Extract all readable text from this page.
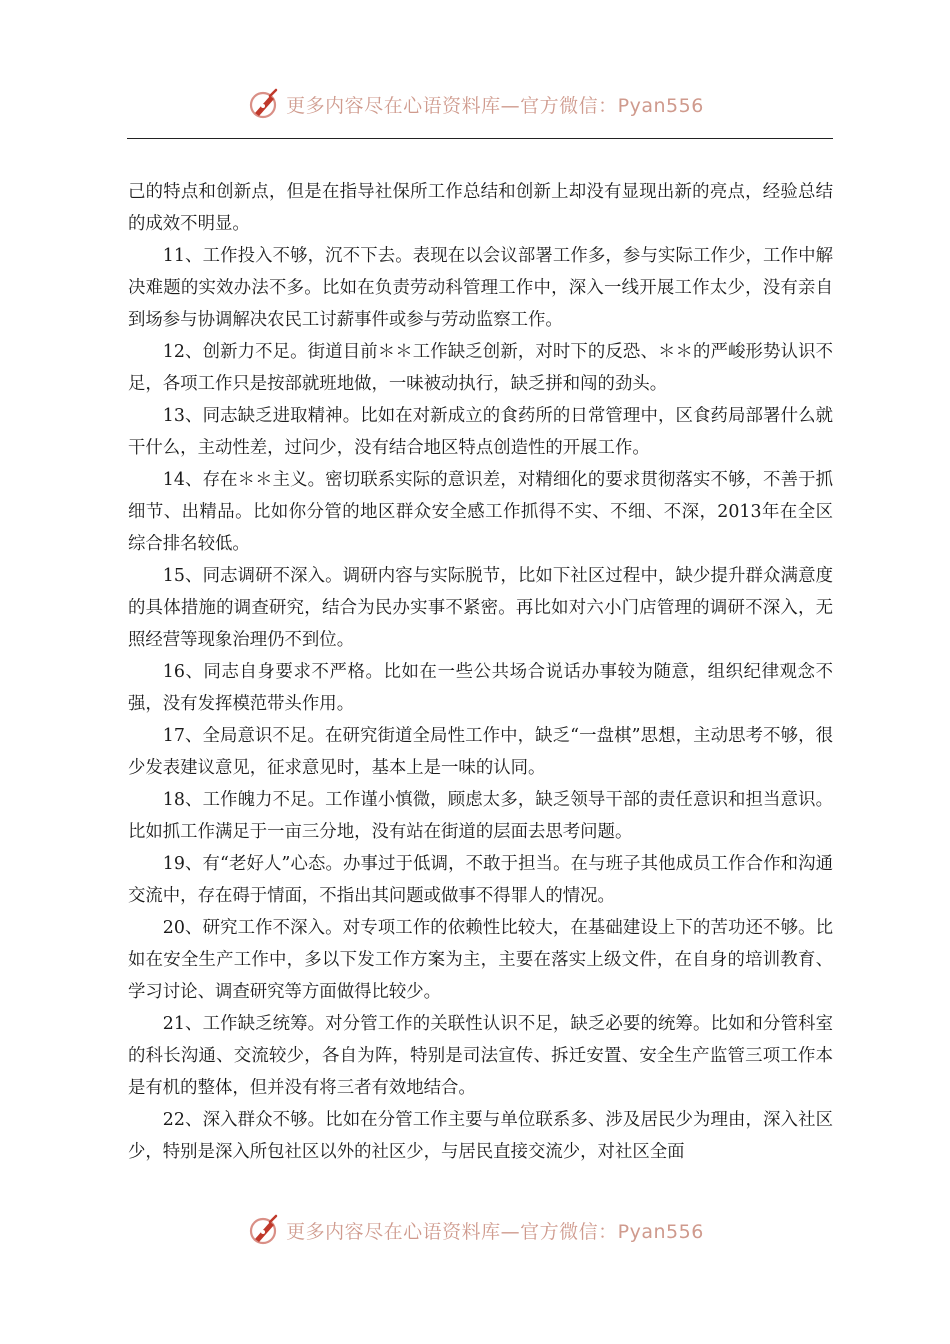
更多内容尽在心语资料库—官方微信：Pyan556

己的特点和创新点，但是在指导社保所工作总结和创新上却没有显现出新的亮点，经验总结的成效不明显。

11、工作投入不够，沉不下去。表现在以会议部署工作多，参与实际工作少，工作中解决难题的实效办法不多。比如在负责劳动科管理工作中，深入一线开展工作太少，没有亲自到场参与协调解决农民工讨薪事件或参与劳动监察工作。

12、创新力不足。街道目前＊＊工作缺乏创新，对时下的反恐、＊＊的严峻形势认识不足，各项工作只是按部就班地做，一味被动执行，缺乏拼和闯的劲头。

13、同志缺乏进取精神。比如在对新成立的食药所的日常管理中，区食药局部署什么就干什么，主动性差，过问少，没有结合地区特点创造性的开展工作。

14、存在＊＊主义。密切联系实际的意识差，对精细化的要求贯彻落实不够，不善于抓细节、出精品。比如你分管的地区群众安全感工作抓得不实、不细、不深，2013年在全区综合排名较低。

15、同志调研不深入。调研内容与实际脱节，比如下社区过程中，缺少提升群众满意度的具体措施的调查研究，结合为民办实事不紧密。再比如对六小门店管理的调研不深入，无照经营等现象治理仍不到位。

16、同志自身要求不严格。比如在一些公共场合说话办事较为随意，组织纪律观念不强，没有发挥模范带头作用。

17、全局意识不足。在研究街道全局性工作中，缺乏“一盘棋”思想，主动思考不够，很少发表建议意见，征求意见时，基本上是一味的认同。

18、工作魄力不足。工作谨小慎微，顾虑太多，缺乏领导干部的责任意识和担当意识。比如抓工作满足于一亩三分地，没有站在街道的层面去思考问题。

19、有“老好人”心态。办事过于低调，不敢于担当。在与班子其他成员工作合作和沟通交流中，存在碍于情面，不指出其问题或做事不得罪人的情况。

20、研究工作不深入。对专项工作的依赖性比较大，在基础建设上下的苦功还不够。比如在安全生产工作中，多以下发工作方案为主，主要在落实上级文件，在自身的培训教育、学习讨论、调查研究等方面做得比较少。

21、工作缺乏统筹。对分管工作的关联性认识不足，缺乏必要的统筹。比如和分管科室的科长沟通、交流较少，各自为阵，特别是司法宣传、拆迁安置、安全生产监管三项工作本是有机的整体，但并没有将三者有效地结合。

22、深入群众不够。比如在分管工作主要与单位联系多、涉及居民少为理由，深入社区少，特别是深入所包社区以外的社区少，与居民直接交流少，对社区全面

更多内容尽在心语资料库—官方微信：Pyan556
